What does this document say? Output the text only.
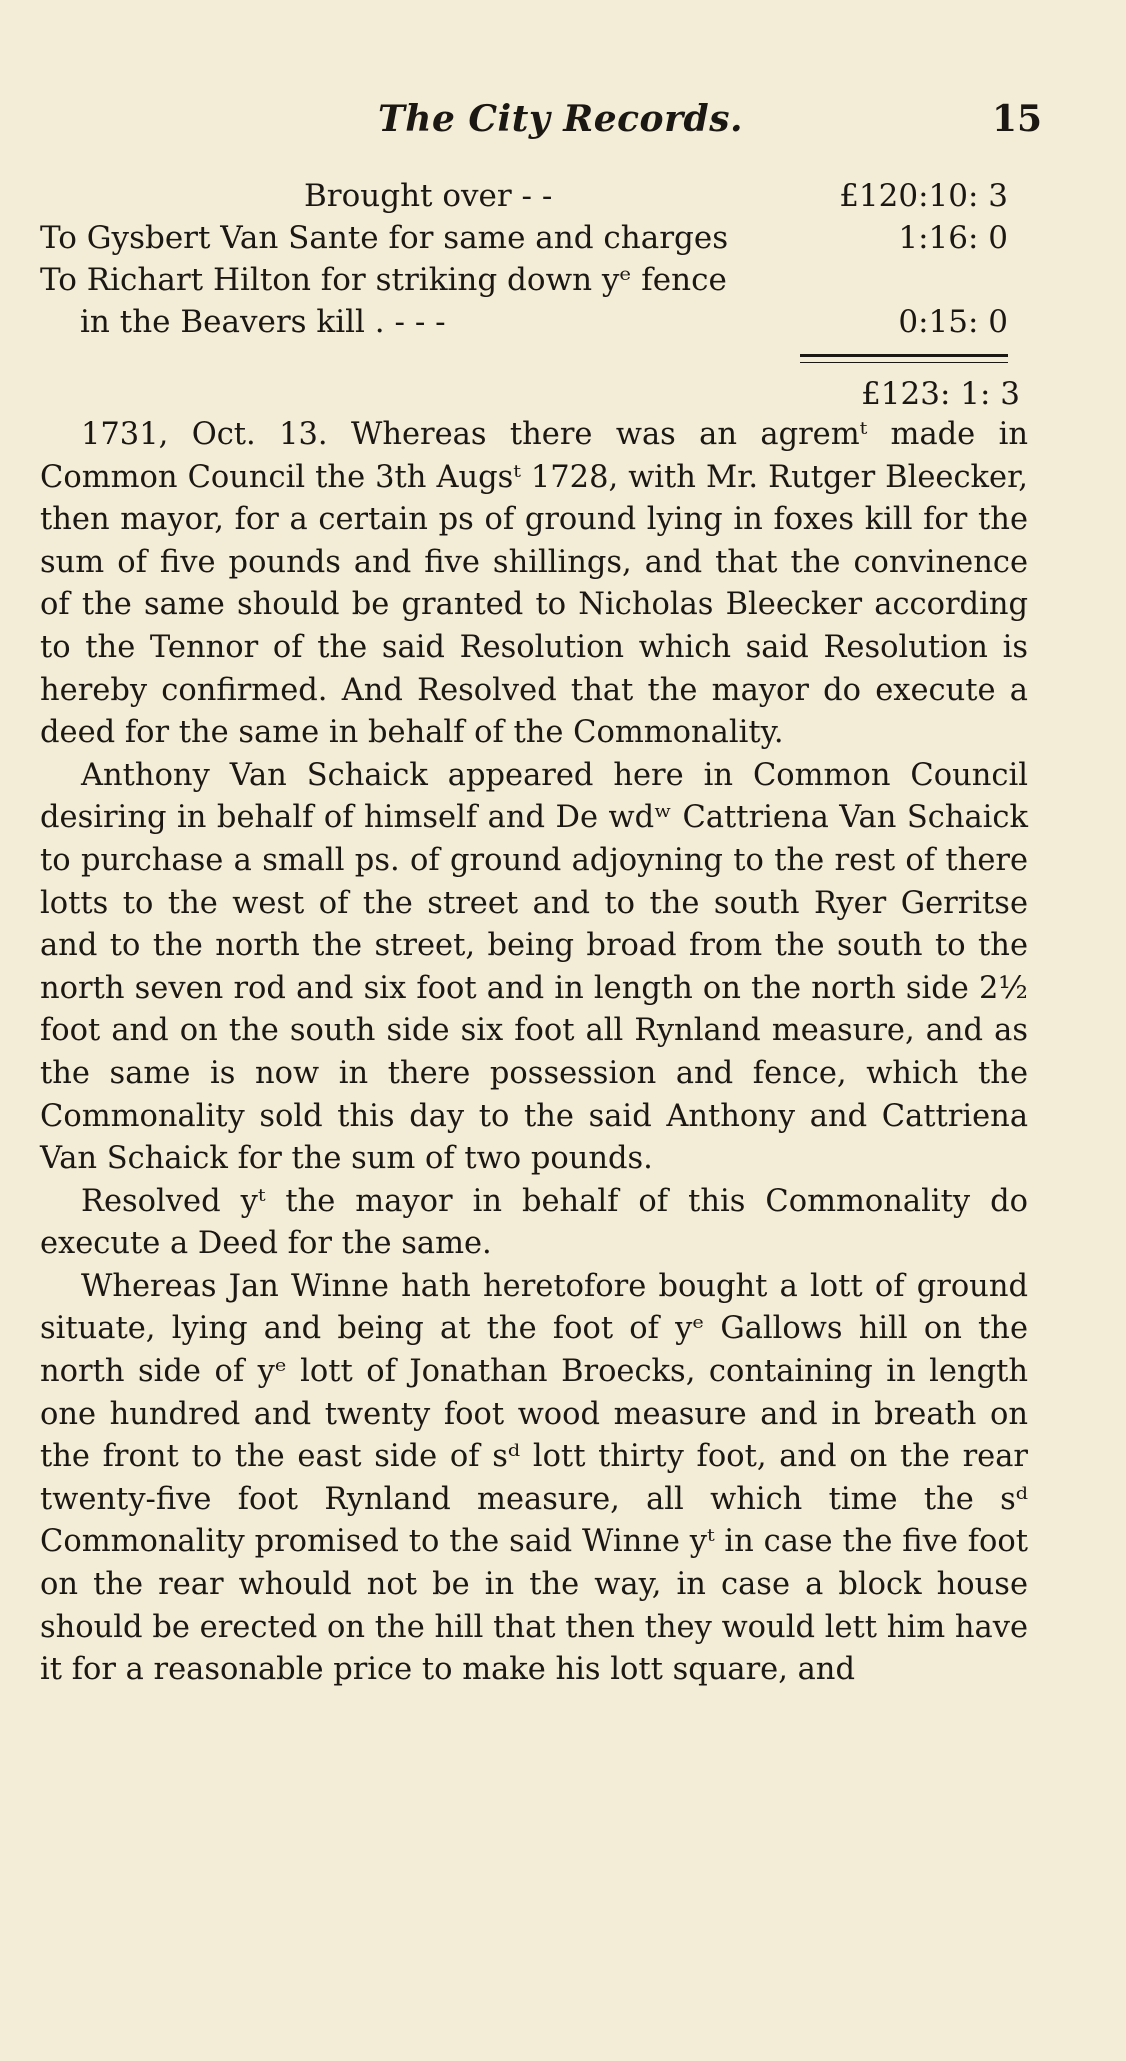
The City Records.	15
Brought over - -	£120:10: 3
To Gysbert Van Sante for same and charges	1:16: 0
To Richart Hilton for striking down yᵉ fence
in the Beavers kill . - - -	0:15: 0
£123: 1: 3

1731, Oct. 13. Whereas there was an agremᵗ made in Common Council the 3th Augsᵗ 1728, with Mr. Rutger Bleecker, then mayor, for a certain ps of ground lying in foxes kill for the sum of five pounds and five shillings, and that the convinence of the same should be granted to Nicholas Bleecker according to the Tennor of the said Resolution which said Resolution is hereby confirmed. And Resolved that the mayor do execute a deed for the same in behalf of the Commonality.

Anthony Van Schaick appeared here in Common Council desiring in behalf of himself and De wdʷ Cattriena Van Schaick to purchase a small ps. of ground adjoyning to the rest of there lotts to the west of the street and to the south Ryer Gerritse and to the north the street, being broad from the south to the north seven rod and six foot and in length on the north side 2½ foot and on the south side six foot all Rynland measure, and as the same is now in there possession and fence, which the Commonality sold this day to the said Anthony and Cattriena Van Schaick for the sum of two pounds.

Resolved yᵗ the mayor in behalf of this Commonality do execute a Deed for the same.

Whereas Jan Winne hath heretofore bought a lott of ground situate, lying and being at the foot of yᵉ Gallows hill on the north side of yᵉ lott of Jonathan Broecks, containing in length one hundred and twenty foot wood measure and in breath on the front to the east side of sᵈ lott thirty foot, and on the rear twenty-five foot Rynland measure, all which time the sᵈ Commonality promised to the said Winne yᵗ in case the five foot on the rear whould not be in the way, in case a block house should be erected on the hill that then they would lett him have it for a reasonable price to make his lott square, and
